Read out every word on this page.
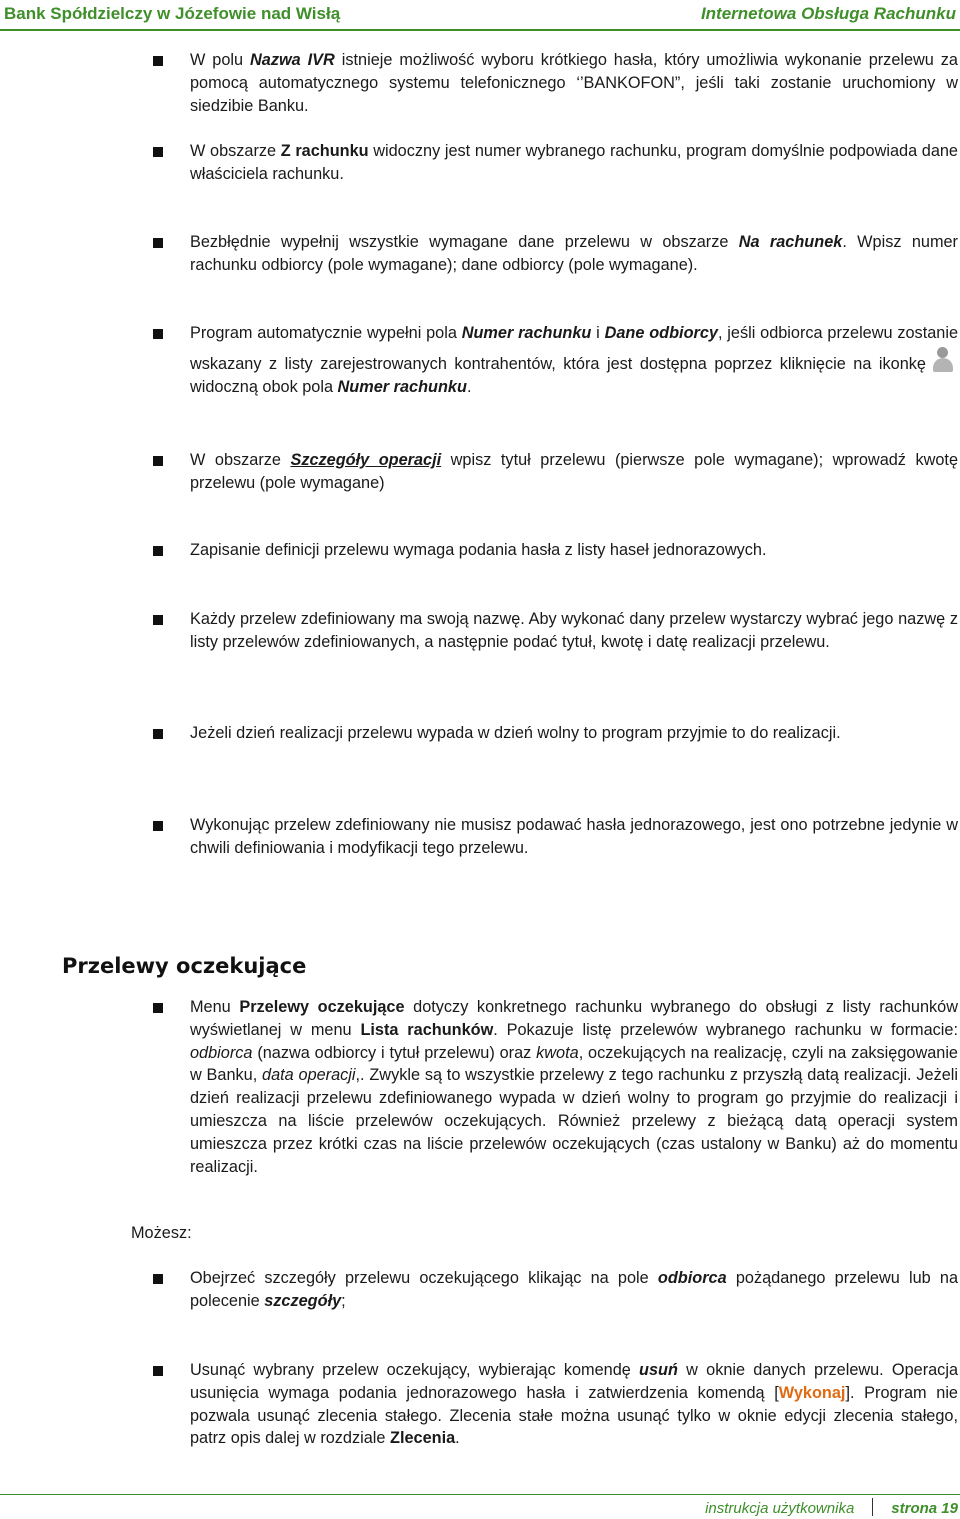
Bank Spółdzielczy w Józefowie nad Wisłą	Internetowa Obsługa Rachunku

W polu Nazwa IVR istnieje możliwość wyboru krótkiego hasła, który umożliwia wykonanie przelewu za pomocą automatycznego systemu telefonicznego ‘’BANKOFON”, jeśli taki zostanie uruchomiony w siedzibie Banku.

W obszarze Z rachunku widoczny jest numer wybranego rachunku, program domyślnie podpowiada dane właściciela rachunku.

Bezbłędnie wypełnij wszystkie wymagane dane przelewu w obszarze Na rachunek. Wpisz numer rachunku odbiorcy (pole wymagane); dane odbiorcy (pole wymagane).

Program automatycznie wypełni pola Numer rachunku i Dane odbiorcy, jeśli odbiorca przelewu zostanie wskazany z listy zarejestrowanych kontrahentów, która jest dostępna poprzez kliknięcie na ikonkę
widoczną obok pola Numer rachunku.

W obszarze Szczegóły operacji wpisz tytuł przelewu (pierwsze pole wymagane); wprowadź kwotę przelewu (pole wymagane)

Zapisanie definicji przelewu wymaga podania hasła z listy haseł jednorazowych.

Każdy przelew zdefiniowany ma swoją nazwę. Aby wykonać dany przelew wystarczy wybrać jego nazwę z listy przelewów zdefiniowanych, a następnie podać tytuł, kwotę i datę realizacji przelewu.

Jeżeli dzień realizacji przelewu wypada w dzień wolny to program przyjmie to do realizacji.

Wykonując przelew zdefiniowany nie musisz podawać hasła jednorazowego, jest ono potrzebne jedynie w chwili definiowania i modyfikacji tego przelewu.

Przelewy oczekujące

Menu Przelewy oczekujące dotyczy konkretnego rachunku wybranego do obsługi z listy rachunków wyświetlanej w menu Lista rachunków. Pokazuje listę przelewów wybranego rachunku w formacie: odbiorca (nazwa odbiorcy i tytuł przelewu) oraz kwota, oczekujących na realizację, czyli na zaksięgowanie w Banku, data operacji,. Zwykle są to wszystkie przelewy z tego rachunku z przyszłą datą realizacji. Jeżeli dzień realizacji przelewu zdefiniowanego wypada w dzień wolny to program go przyjmie do realizacji i umieszcza na liście przelewów oczekujących. Również przelewy z bieżącą datą operacji system umieszcza przez krótki czas na liście przelewów oczekujących (czas ustalony w Banku) aż do momentu realizacji.

Możesz:

Obejrzeć szczegóły przelewu oczekującego klikając na pole odbiorca pożądanego przelewu lub na polecenie szczegóły;

Usunąć wybrany przelew oczekujący, wybierając komendę usuń w oknie danych przelewu. Operacja usunięcia wymaga podania jednorazowego hasła i zatwierdzenia komendą [Wykonaj]. Program nie pozwala usunąć zlecenia stałego. Zlecenia stałe można usunąć tylko w oknie edycji zlecenia stałego, patrz opis dalej w rozdziale Zlecenia.

instrukcja użytkownika strona 19
